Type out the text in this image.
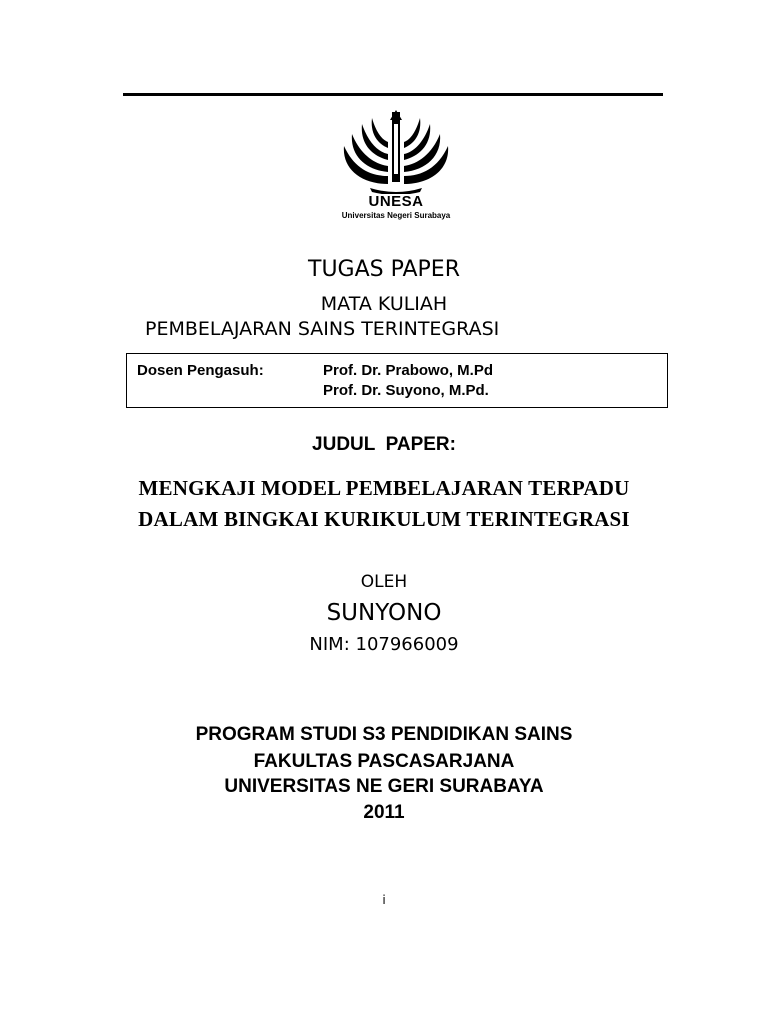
UNESA
Universitas Negeri Surabaya
TUGAS PAPER
MATA KULIAH
PEMBELAJARAN SAINS TERINTEGRASI
Dosen Pengasuh:	Prof. Dr. Prabowo, M.Pd
Prof. Dr. Suyono, M.Pd.
JUDUL  PAPER:
MENGKAJI MODEL PEMBELAJARAN TERPADU
DALAM BINGKAI KURIKULUM TERINTEGRASI
OLEH
SUNYONO
NIM: 107966009
PROGRAM STUDI S3 PENDIDIKAN SAINS
FAKULTAS PASCASARJANA
UNIVERSITAS NE GERI SURABAYA
2011
i
